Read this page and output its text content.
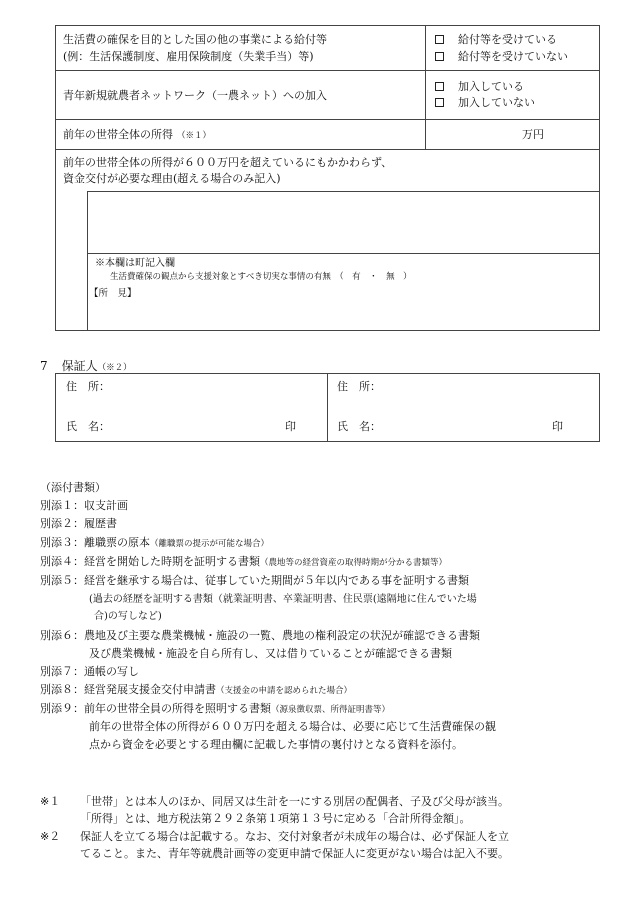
生活費の確保を目的とした国の他の事業による給付等
(例：生活保護制度、雇用保険制度（失業手当）等)
給付等を受けている
給付等を受けていない
青年新規就農者ネットワーク（一農ネット）への加入
加入している
加入していない
前年の世帯全体の所得 （※１）	万円
前年の世帯全体の所得が６００万円を超えているにもかかわらず、
資金交付が必要な理由(超える場合のみ記入)
※本欄は町記入欄
生活費確保の観点から支援対象とすべき切実な事情の有無　（　有　・　無　）
【所　見】
7 保証人（※２）
住　所：
氏　名：	印
住　所：
氏　名：	印
（添付書類）
別添１：収支計画
別添２：履歴書
別添３：離職票の原本（離職票の提示が可能な場合）
別添４：経営を開始した時期を証明する書類（農地等の経営資産の取得時期が分かる書類等）
別添５：経営を継承する場合は、従事していた期間が５年以内である事を証明する書類
(過去の経歴を証明する書類（就業証明書、卒業証明書、住民票(遠隔地に住んでいた場
合)の写しなど)
別添６：農地及び主要な農業機械・施設の一覧、農地の権利設定の状況が確認できる書類
及び農業機械・施設を自ら所有し、又は借りていることが確認できる書類
別添７：通帳の写し
別添８：経営発展支援金交付申請書（支援金の申請を認められた場合）
別添９：前年の世帯全員の所得を照明する書類（源泉徴収票、所得証明書等）
前年の世帯全体の所得が６００万円を超える場合は、必要に応じて生活費確保の観
点から資金を必要とする理由欄に記載した事情の裏付けとなる資料を添付。
※１ 「世帯」とは本人のほか、同居又は生計を一にする別居の配偶者、子及び父母が該当。
「所得」とは、地方税法第２９２条第１項第１３号に定める「合計所得金額」。
※２ 保証人を立てる場合は記載する。なお、交付対象者が未成年の場合は、必ず保証人を立
てること。また、青年等就農計画等の変更申請で保証人に変更がない場合は記入不要。
